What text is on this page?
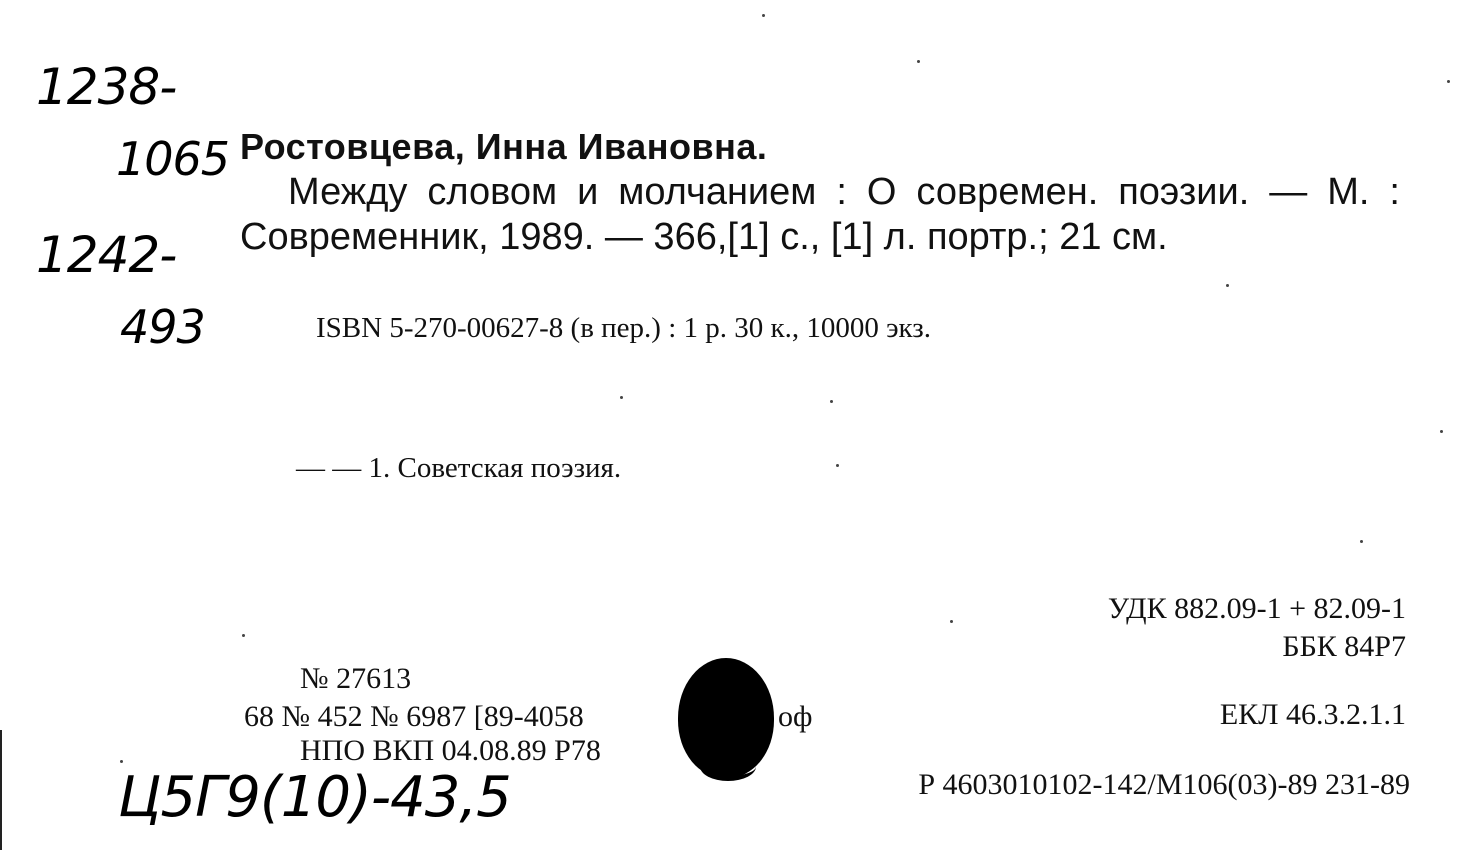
1238-
1065
1242-
493
Ц5Г9(10)-43,5
Ростовцева, Инна Ивановна.
Между словом и молчанием : О современ. поэзии. — М. : Современник, 1989. — 366,[1] с., [1] л. портр.; 21 см.
ISBN 5-270-00627-8 (в пер.) : 1 р. 30 к., 10000 экз.
— — 1. Советская поэзия.
УДК 882.09-1 + 82.09-1
ББК 84Р7
ЕКЛ 46.3.2.1.1
Р 4603010102-142/М106(03)-89 231-89
№ 27613
68 № 452 № 6987 [89-4058	оф
НПО ВКП 04.08.89 Р78
